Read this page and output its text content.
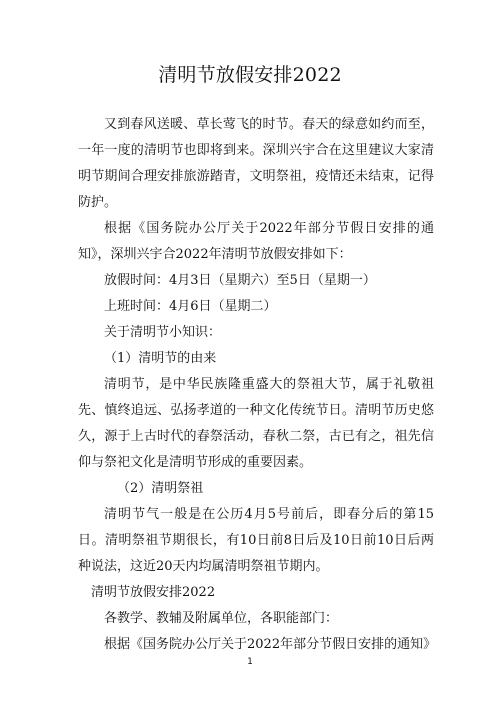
清明节放假安排2022

又到春风送暖、草长莺飞的时节。春天的绿意如约而至，一年一度的清明节也即将到来。深圳兴宇合在这里建议大家清明节期间合理安排旅游踏青，文明祭祖，疫情还未结束，记得防护。

根据《国务院办公厅关于2022年部分节假日安排的通知》，深圳兴宇合2022年清明节放假安排如下：

放假时间：4月3日（星期六）至5日（星期一）

上班时间：4月6日（星期二）

关于清明节小知识：

（1）清明节的由来

清明节，是中华民族隆重盛大的祭祖大节，属于礼敬祖先、慎终追远、弘扬孝道的一种文化传统节日。清明节历史悠久，源于上古时代的春祭活动，春秋二祭，古已有之，祖先信仰与祭祀文化是清明节形成的重要因素。

（2）清明祭祖

清明节气一般是在公历4月5号前后，即春分后的第15日。清明祭祖节期很长，有10日前8日后及10日前10日后两种说法，这近20天内均属清明祭祖节期内。

清明节放假安排2022

各教学、教辅及附属单位，各职能部门：

根据《国务院办公厅关于2022年部分节假日安排的通知》

1
